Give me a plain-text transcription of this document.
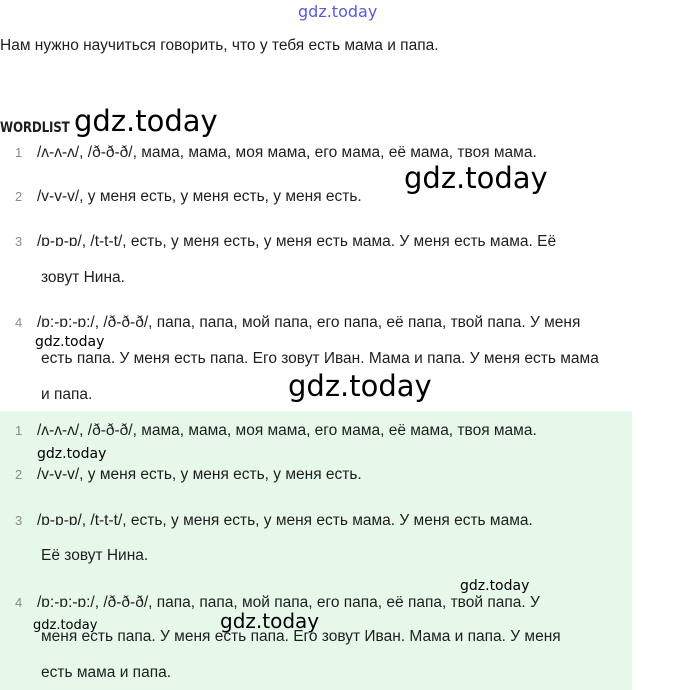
gdz.today
Нам нужно научиться говорить, что у тебя есть мама и папа.
WORDLIST gdz.today
1 /ʌ-ʌ-ʌ/, /ð-ð-ð/, мама, мама, моя мама, его мама, её мама, твоя мама.
2 /v-v-v/, у меня есть, у меня есть, у меня есть.
gdz.today
3 /ɒ-ɒ-ɒ/, /t-t-t/, есть, у меня есть, у меня есть мама. У меня есть мама. Её
зовут Нина.
4 /ɒ:-ɒ:-ɒ:/, /ð-ð-ð/, папа, папа, мой папа, его папа, её папа, твой папа. У меня
gdz.today
есть папа. У меня есть папа. Его зовут Иван. Мама и папа. У меня есть мама
и папа.	gdz.today
1 /ʌ-ʌ-ʌ/, /ð-ð-ð/, мама, мама, моя мама, его мама, её мама, твоя мама.
gdz.today
2 /v-v-v/, у меня есть, у меня есть, у меня есть.
3 /ɒ-ɒ-ɒ/, /t-t-t/, есть, у меня есть, у меня есть мама. У меня есть мама.
Её зовут Нина.
gdz.today
4 /ɒ:-ɒ:-ɒ:/, /ð-ð-ð/, папа, папа, мой папа, его папа, её папа, твой папа. У
gdz.today	gdz.today
меня есть папа. У меня есть папа. Его зовут Иван. Мама и папа. У меня
есть мама и папа.
